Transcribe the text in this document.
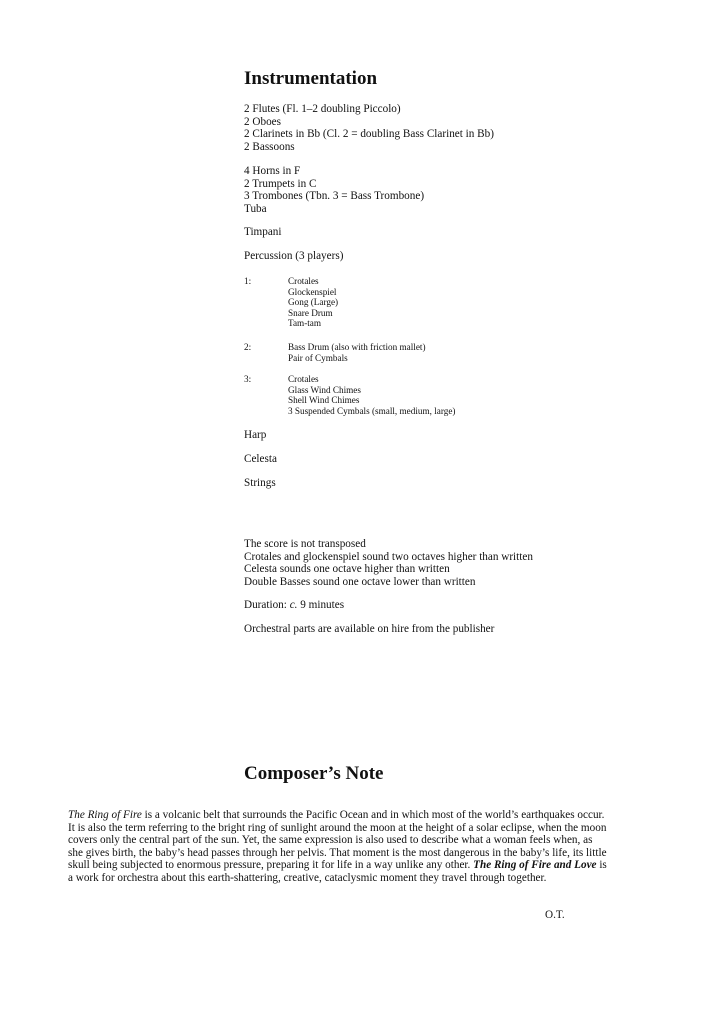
Instrumentation
2 Flutes (Fl. 1–2 doubling Piccolo)
2 Oboes
2 Clarinets in Bb (Cl. 2 = doubling Bass Clarinet in Bb)
2 Bassoons
4 Horns in F
2 Trumpets in C
3 Trombones (Tbn. 3 = Bass Trombone)
Tuba
Timpani
Percussion (3 players)
1:	Crotales
Glockenspiel
Gong (Large)
Snare Drum
Tam-tam
2:	Bass Drum (also with friction mallet)
Pair of Cymbals
3:	Crotales
Glass Wind Chimes
Shell Wind Chimes
3 Suspended Cymbals (small, medium, large)
Harp
Celesta
Strings
The score is not transposed
Crotales and glockenspiel sound two octaves higher than written
Celesta sounds one octave higher than written
Double Basses sound one octave lower than written
Duration: c. 9 minutes
Orchestral parts are available on hire from the publisher
Composer’s Note

The Ring of Fire is a volcanic belt that surrounds the Pacific Ocean and in which most of the world’s earthquakes occur.
It is also the term referring to the bright ring of sunlight around the moon at the height of a solar eclipse, when the moon
covers only the central part of the sun. Yet, the same expression is also used to describe what a woman feels when, as
she gives birth, the baby’s head passes through her pelvis. That moment is the most dangerous in the baby’s life, its little
skull being subjected to enormous pressure, preparing it for life in a way unlike any other. The Ring of Fire and Love is
a work for orchestra about this earth-shattering, creative, cataclysmic moment they travel through together.

O.T.
